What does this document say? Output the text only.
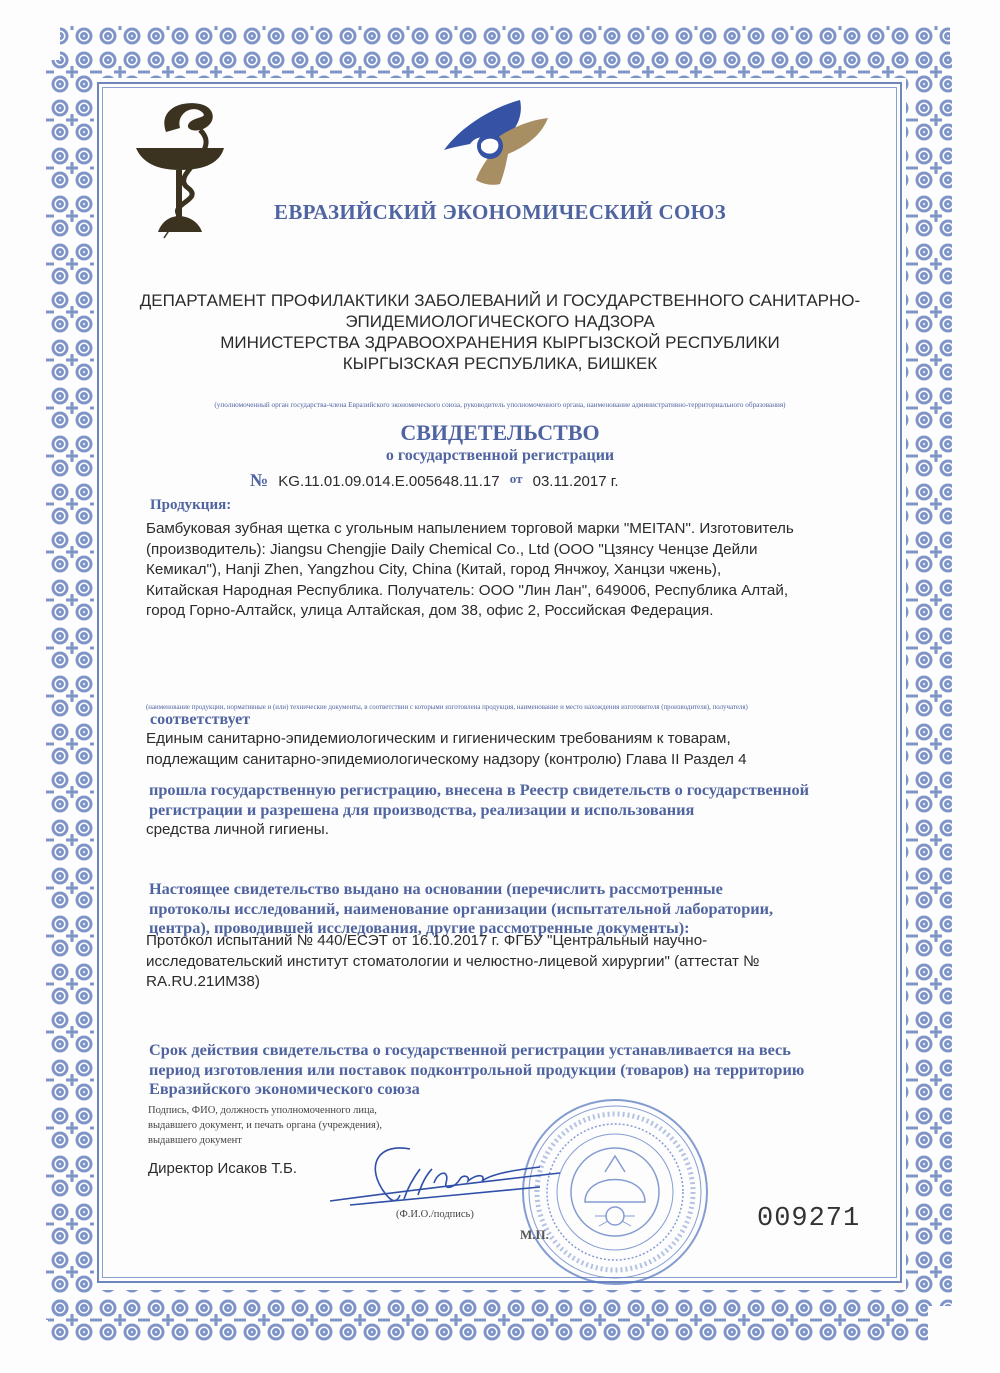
ЕВРАЗИЙСКИЙ ЭКОНОМИЧЕСКИЙ СОЮЗ
ДЕПАРТАМЕНТ ПРОФИЛАКТИКИ ЗАБОЛЕВАНИЙ И ГОСУДАРСТВЕННОГО САНИТАРНО-
ЭПИДЕМИОЛОГИЧЕСКОГО НАДЗОРА
МИНИСТЕРСТВА ЗДРАВООХРАНЕНИЯ КЫРГЫЗСКОЙ РЕСПУБЛИКИ
КЫРГЫЗСКАЯ РЕСПУБЛИКА, БИШКЕК
(уполномоченный орган государства-члена Евразийского экономического союза, руководитель уполномоченного органа, наименование административно-территориального образования)
СВИДЕТЕЛЬСТВО
о государственной регистрации
№ KG.11.01.09.014.E.005648.11.17 от 03.11.2017 г.
Продукция:
Бамбуковая зубная щетка с угольным напылением торговой марки "MEITAN". Изготовитель
(производитель): Jiangsu Chengjie Daily Chemical Co., Ltd (ООО "Цзянсу Ченцзе Дейли
Кемикал"), Hanji Zhen, Yangzhou City, China (Китай, город Янчжоу, Ханцзи чжень),
Китайская Народная Республика. Получатель: ООО "Лин Лан", 649006, Республика Алтай,
город Горно-Алтайск, улица Алтайская, дом 38, офис 2, Российская Федерация.
(наименование продукции, нормативные и (или) технические документы, в соответствии с которыми изготовлена продукция, наименование и место нахождения изготовителя (производителя), получателя)
соответствует
Единым санитарно-эпидемиологическим и гигиеническим требованиям к товарам,
подлежащим санитарно-эпидемиологическому надзору (контролю) Глава II Раздел 4
прошла государственную регистрацию, внесена в Реестр свидетельств о государственной
регистрации и разрешена для производства, реализации и использования
средства личной гигиены.
Настоящее свидетельство выдано на основании (перечислить рассмотренные
протоколы исследований, наименование организации (испытательной лаборатории,
центра), проводившей исследования, другие рассмотренные документы):
Протокол испытаний № 440/ЕСЭТ от 16.10.2017 г. ФГБУ "Центральный научно-
исследовательский институт стоматологии и челюстно-лицевой хирургии" (аттестат №
RA.RU.21ИМ38)
Срок действия свидетельства о государственной регистрации устанавливается на весь
период изготовления или поставок подконтрольной продукции (товаров) на территорию
Евразийского экономического союза
Подпись, ФИО, должность уполномоченного лица,
выдавшего документ, и печать органа (учреждения),
выдавшего документ
Директор Исаков Т.Б.
(Ф.И.О./подпись)
М.П.
009271
